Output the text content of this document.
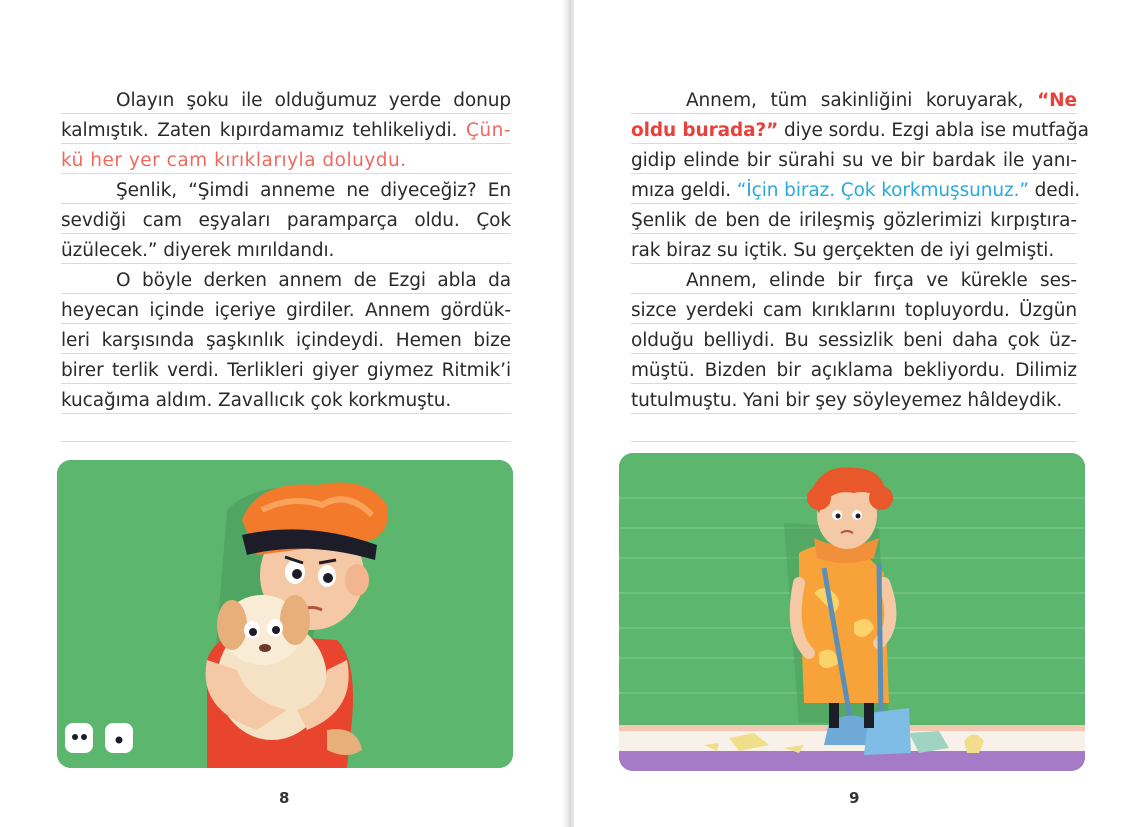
Olayın şoku ile olduğumuz yerde donup
kalmıştık. Zaten kıpırdamamız tehlikeliydi. Çün-
kü her yer cam kırıklarıyla doluydu.
Şenlik, “Şimdi anneme ne diyeceğiz? En
sevdiği cam eşyaları paramparça oldu. Çok
üzülecek.” diyerek mırıldandı.
O böyle derken annem de Ezgi abla da
heyecan içinde içeriye girdiler. Annem gördük-
leri karşısında şaşkınlık içindeydi. Hemen bize
birer terlik verdi. Terlikleri giyer giymez Ritmik’i
kucağıma aldım. Zavallıcık çok korkmuştu.
8
Annem, tüm sakinliğini koruyarak, “Ne
oldu burada?” diye sordu. Ezgi abla ise mutfağa
gidip elinde bir sürahi su ve bir bardak ile yanı-
mıza geldi. “İçin biraz. Çok korkmuşsunuz.” dedi.
Şenlik de ben de irileşmiş gözlerimizi kırpıştıra-
rak biraz su içtik. Su gerçekten de iyi gelmişti.
Annem, elinde bir fırça ve kürekle ses-
sizce yerdeki cam kırıklarını topluyordu. Üzgün
olduğu belliydi. Bu sessizlik beni daha çok üz-
müştü. Bizden bir açıklama bekliyordu. Dilimiz
tutulmuştu. Yani bir şey söyleyemez hâldeydik.
9
